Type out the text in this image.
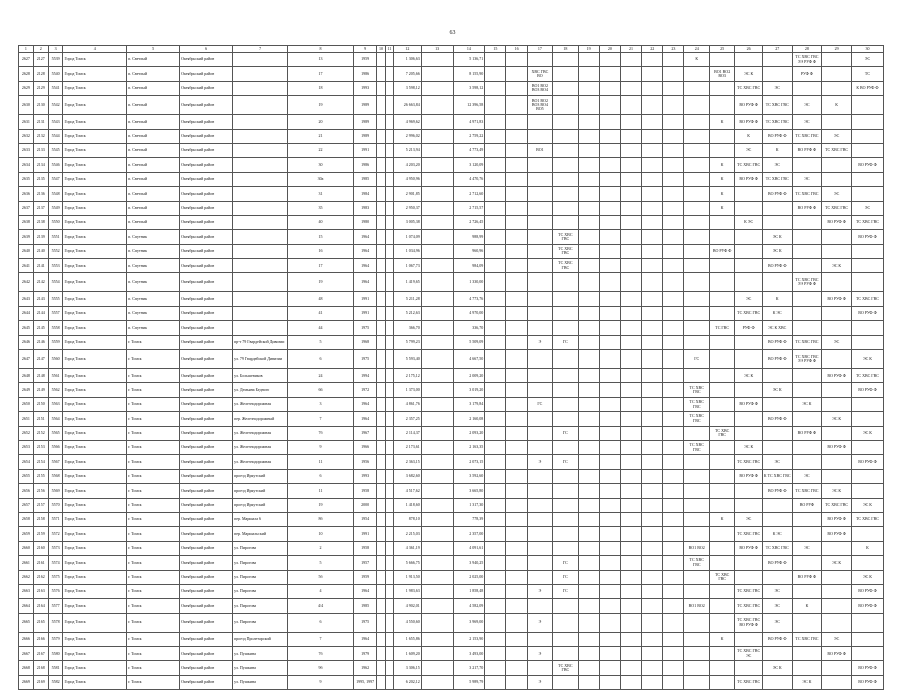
63
1	2	3	4	5	6	7	8	9	10	11	12	13	14	15	16	17	18	19	20	21	22	23	24	25	26	27	28	29	30
2627	2127	5539	Город Томск	п. Светлый	Октябрьский район		13	1959			1 306,63		5 136,71										К				ТС ХВС ГВС ЭЭ РУФ Ф		ЭС
2628	2128	5540	Город Томск	п. Светлый	Октябрьский район		17	1986			7 205,66		8 155,90			ХВС ГВС ВО								ВО1 ВО2 ВО3	ЭС К		РУФ Ф		ТС
2629	2129	5541	Город Томск	п. Светлый	Октябрьский район		18	1993			3 598,12		3 598,12			ВО1 ВО2 ВО3 ВО4									ТС ХВС ГВС	ЭС			К ВО РУФ Ф
2630	2130	5542	Город Томск	п. Светлый	Октябрьский район		19	1989			26 663,84		12 396,58			ВО1 ВО2 ВО3 ВО4 ВО5									ВО РУФ Ф	ТС ХВС ГВС	ЭС	К	
2631	2131	5543	Город Томск	п. Светлый	Октябрьский район		20	1989			4 969,62		4 971,83											К	ВО РУФ Ф	ТС ХВС ГВС	ЭС		
2632	2132	5544	Город Томск	п. Светлый	Октябрьский район		21	1989			2 996,02		2 759,22												К	ВО РУФ Ф	ТС ХВС ГВС	ЭС	
2633	2133	5545	Город Томск	п. Светлый	Октябрьский район		22	1991			5 213,94		4 773,49			ВО1									ЭС	К	ВО РУФ Ф	ТС ХВС ГВС	
2634	2134	5546	Город Томск	п. Светлый	Октябрьский район		30	1986			4 203,20		3 120,09											К	ТС ХВС ГВС	ЭС			ВО РУФ Ф
2635	2135	5547	Город Томск	п. Светлый	Октябрьский район		30а	1985			4 950,96		4 470,76											К	ВО РУФ Ф	ТС ХВС ГВС	ЭС		
2636	2136	5548	Город Томск	п. Светлый	Октябрьский район		31	1984			2 901,85		2 712,60											К		ВО РУФ Ф	ТС ХВС ГВС	ЭС	
2637	2137	5549	Город Томск	п. Светлый	Октябрьский район		35	1983			2 950,37		2 715,57											К			ВО РУФ Ф	ТС ХВС ГВС	ЭС
2638	2138	5550	Город Томск	п. Светлый	Октябрьский район		40	1980			3 005,38		2 726,45												К ЭС			ВО РУФ Ф	ТС ХВС ГВС
2639	2139	5551	Город Томск	п. Спутник	Октябрьский район		15	1964			1 074,09		988,99				ТС ХВС ГВС									ЭС К			ВО РУФ Ф
2640	2140	5552	Город Томск	п. Спутник	Октябрьский район		16	1964			1 034,96		960,96				ТС ХВС ГВС							ВО РУФ Ф		ЭС К			
2641	2141	5553	Город Томск	п. Спутник	Октябрьский район		17	1964			1 067,73		984,09				ТС ХВС ГВС									ВО РУФ Ф		ЭС К	
2642	2142	5554	Город Томск	п. Спутник	Октябрьский район		19	1964			1 419,65		1 330,00														ТС ХВС ГВС ЭЭ РУФ Ф		
2643	2143	5555	Город Томск	п. Спутник	Октябрьский район		48	1991			5 211,28		4 773,76												ЭС	К		ВО РУФ Ф	ТС ХВС ГВС
2644	2144	5557	Город Томск	п. Спутник	Октябрьский район		41	1991			5 212,63		4 970,00												ТС ХВС ГВС	К ЭС			ВО РУФ Ф
2645	2145	5558	Город Томск	п. Спутник	Октябрьский район		44	1975			366,70		336,70											ТС ГВС	РУФ Ф	ЭС К ХВС			
2646	2146	5559	Город Томск	г. Томск	Октябрьский район	пр-т 79 Гвардейской Дивизии	5	1968			5 799,23		5 509,09			Э	ГС									ВО РУФ Ф	ТС ХВС ГВС	ЭС	
2647	2147	5560	Город Томск	г. Томск	Октябрьский район	ул. 79 Гвардейской Дивизии	6	1975			5 593,40		4 667,50										ГС			ВО РУФ Ф	ТС ХВС ГВС ЭЭ РУФ Ф		ЭС К
2648	2148	5561	Город Томск	г. Томск	Октябрьский район	ул. Большевиков	24	1994			2 175,12		2 009,20												ЭС К			ВО РУФ Ф	ТС ХВС ГВС
2649	2149	5562	Город Томск	г. Томск	Октябрьский район	ул. Демьяна Бедного	66	1972			1 373,00		3 019,20										ТС ХВС ГВС			ЭС К			ВО РУФ Ф
2650	2150	5563	Город Томск	г. Томск	Октябрьский район	ул. Железнодорожная	3	1964			4 861,76		3 179,84			ГС							ТС ХВС ГВС		ВО РУФ Ф		ЭС К		
2651	2151	5564	Город Томск	г. Томск	Октябрьский район	пер. Железнодорожный	7	1964			2 357,25		2 160,08										ТС ХВС ГВС			ВО РУФ Ф		ЭС К	
2652	2152	5565	Город Томск	г. Томск	Октябрьский район	ул. Железнодорожная	7б	1967			2 114,37		2 093,20				ГС							ТС ХВС ГВС			ВО РУФ Ф		ЭС К
2653	2153	5566	Город Томск	г. Томск	Октябрьский район	ул. Железнодорожная	9	1966			2 173,61		2 163,35										ТС ХВС ГВС		ЭС К			ВО РУФ Ф	
2654	2154	5567	Город Томск	г. Томск	Октябрьский район	ул. Железнодорожная	11	1956			2 363,15		2 073,15			Э	ГС								ТС ХВС ГВС	ЭС			ВО РУФ Ф
2655	2155	5568	Город Томск	г. Томск	Октябрьский район	проезд Иркутский	6	1993			3 682,60		3 592,60												ВО РУФ Ф	К ТС ХВС ГВС	ЭС		
2656	2156	5569	Город Томск	г. Томск	Октябрьский район	проезд Иркутский	11	1958			4 517,62		3 665,80													ВО РУФ Ф	ТС ХВС ГВС	ЭС К	
2657	2157	5570	Город Томск	г. Томск	Октябрьский район	проезд Иркутский	19	2000			1 418,60		1 317,30														ВО РУФ	ТС ХВС ГВС	ЭС К
2658	2158	5571	Город Томск	г. Томск	Октябрьский район	пер. Маршала 6	8б	1954			878,10		778,39											К	ЭС			ВО РУФ Ф	ТС ХВС ГВС
2659	2159	5572	Город Томск	г. Томск	Октябрьский район	пер. Маршальский	10	1991			2 215,03		2 357,00												ТС ХВС ГВС	К ЭС		ВО РУФ Ф	
2660	2160	5573	Город Томск	г. Томск	Октябрьский район	ул. Пирогова	2	1958			4 361,19		4 091,61										ВО1 ВО2		ВО РУФ Ф	ТС ХВС ГВС	ЭС		К
2661	2161	5574	Город Томск	г. Томск	Октябрьский район	ул. Пирогова	5	1957			5 666,75		3 940,25				ГС						ТС ХВС ГВС			ВО РУФ Ф		ЭС К	
2662	2162	5575	Город Томск	г. Томск	Октябрьский район	ул. Пирогова	5б	1959			1 913,50		2 025,00				ГС							ТС ХВС ГВС			ВО РУФ Ф		ЭС К
2663	2163	5576	Город Томск	г. Томск	Октябрьский район	ул. Пирогова	4	1964			1 983,63		1 858,48			Э	ГС								ТС ХВС ГВС	ЭС			ВО РУФ Ф
2664	2164	5577	Город Томск	г. Томск	Октябрьский район	ул. Пирогова	4/4	1985			4 902,01		4 582,09										ВО1 ВО2		ТС ХВС ГВС	ЭС	К		ВО РУФ Ф
2665	2165	5578	Город Томск	г. Томск	Октябрьский район	ул. Пирогова	6	1975			4 550,60		3 969,00			Э									ТС ХВС ГВС ВО РУФ Ф	ЭС			
2666	2166	5579	Город Томск	г. Томск	Октябрьский район	проезд Пролетарский	7	1964			1 655,86		2 153,90											К		ВО РУФ Ф	ТС ХВС ГВС	ЭС	
2667	2167	5580	Город Томск	г. Томск	Октябрьский район	ул. Пушкина	7б	1979			1 609,20		3 493,00			Э									ТС ХВС ГВС ЭС			ВО РУФ Ф	
2668	2168	5581	Город Томск	г. Томск	Октябрьский район	ул. Пушкина	9б	1962			3 306,15		3 217,70				ТС ХВС ГВС									ЭС К			ВО РУФ Ф
2669	2169	5582	Город Томск	г. Томск	Октябрьский район	ул. Пушкина	9	1995, 1997			6 202,12		5 989,79			Э									ТС ХВС ГВС		ЭС К		ВО РУФ Ф
